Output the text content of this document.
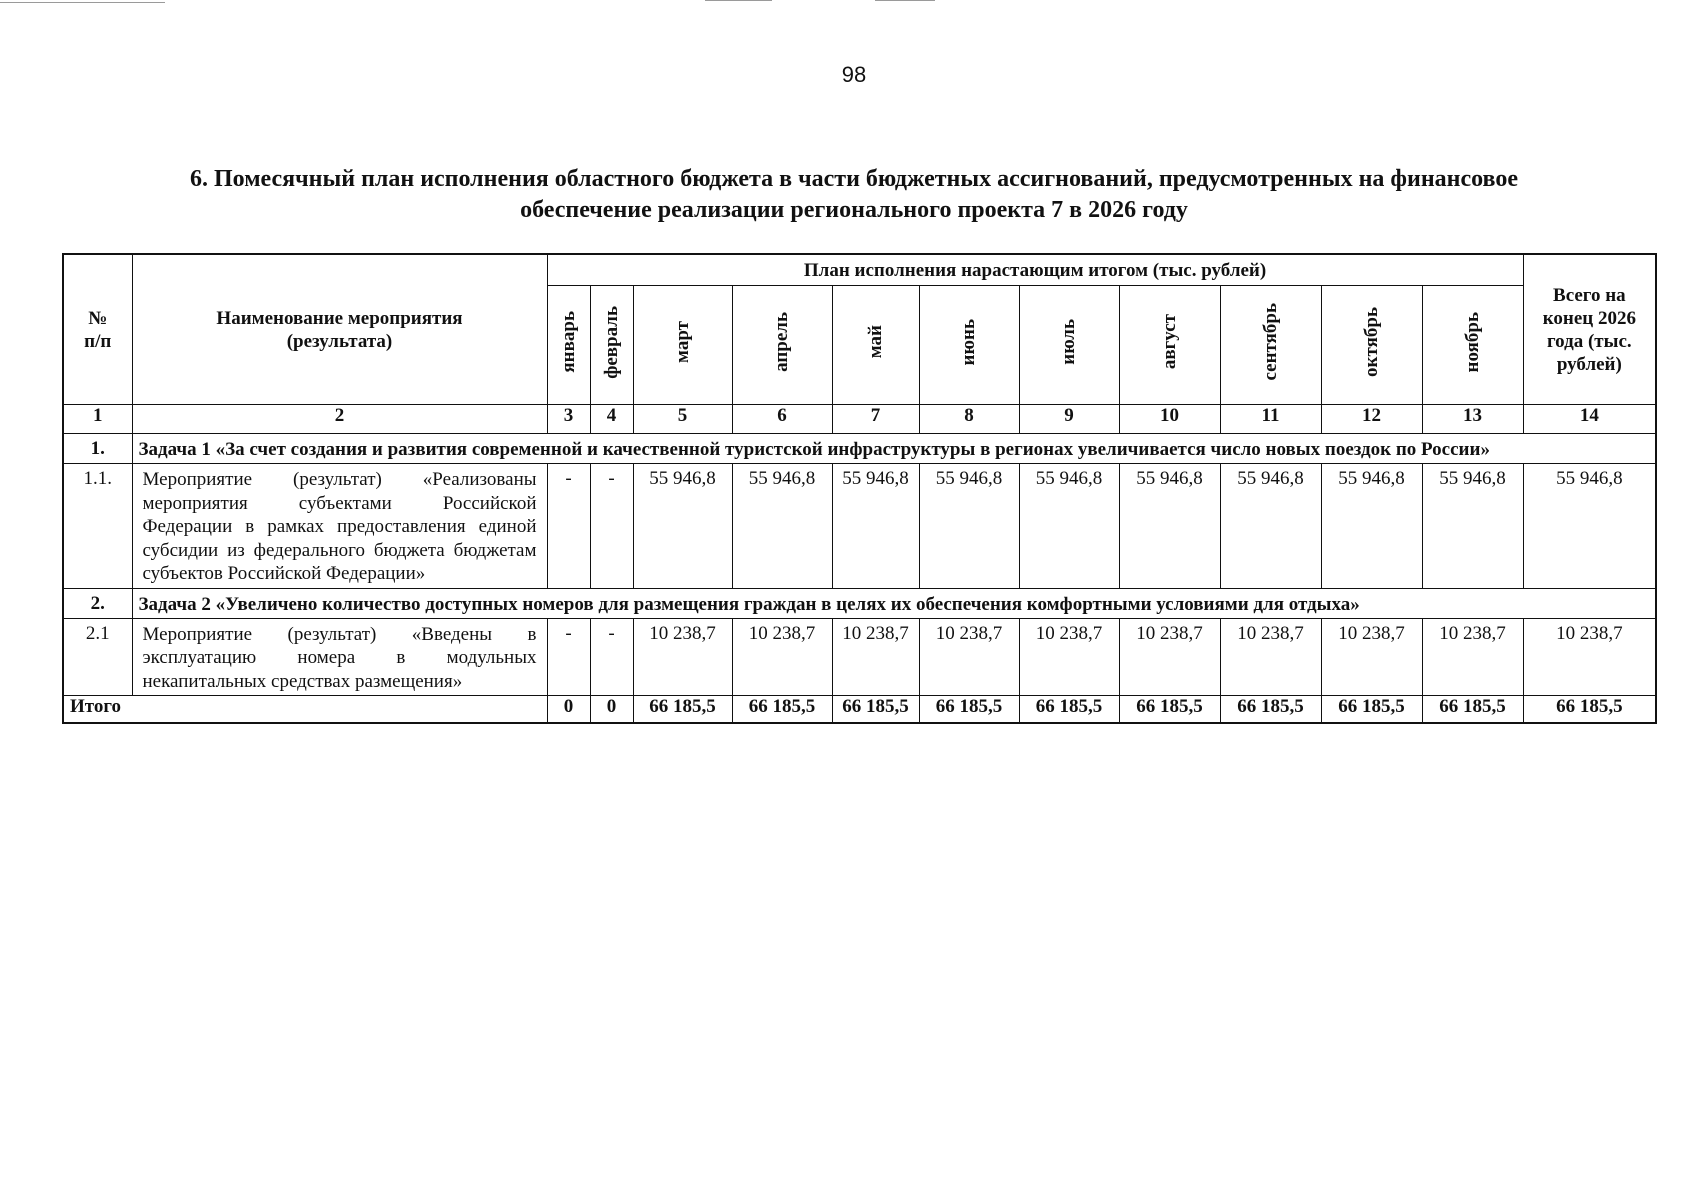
98
6. Помесячный план исполнения областного бюджета в части бюджетных ассигнований, предусмотренных на финансовое
обеспечение реализации регионального проекта 7 в 2026 году
№ п/п	Наименование мероприятия (результата)	План исполнения нарастающим итогом (тыс. рублей)											Всего на конец 2026 года (тыс. рублей)
		январь	февраль	март	апрель	май	июнь	июль	август	сентябрь	октябрь	ноябрь	
1	2	3	4	5	6	7	8	9	10	11	12	13	14
1.	Задача 1 «За счет создания и развития современной и качественной туристской инфраструктуры в регионах увеличивается число новых поездок по России»												
1.1.	Мероприятие (результат) «Реализованы мероприятия субъектами Российской Федерации в рамках предоставления единой субсидии из федерального бюджета бюджетам субъектов Российской Федерации»	-	-	55 946,8	55 946,8	55 946,8	55 946,8	55 946,8	55 946,8	55 946,8	55 946,8	55 946,8	55 946,8
2.	Задача 2 «Увеличено количество доступных номеров для размещения граждан в целях их обеспечения комфортными условиями для отдыха»												
2.1	Мероприятие (результат) «Введены в эксплуатацию номера в модульных некапитальных средствах размещения»	-	-	10 238,7	10 238,7	10 238,7	10 238,7	10 238,7	10 238,7	10 238,7	10 238,7	10 238,7	10 238,7
Итого		0	0	66 185,5	66 185,5	66 185,5	66 185,5	66 185,5	66 185,5	66 185,5	66 185,5	66 185,5	66 185,5
